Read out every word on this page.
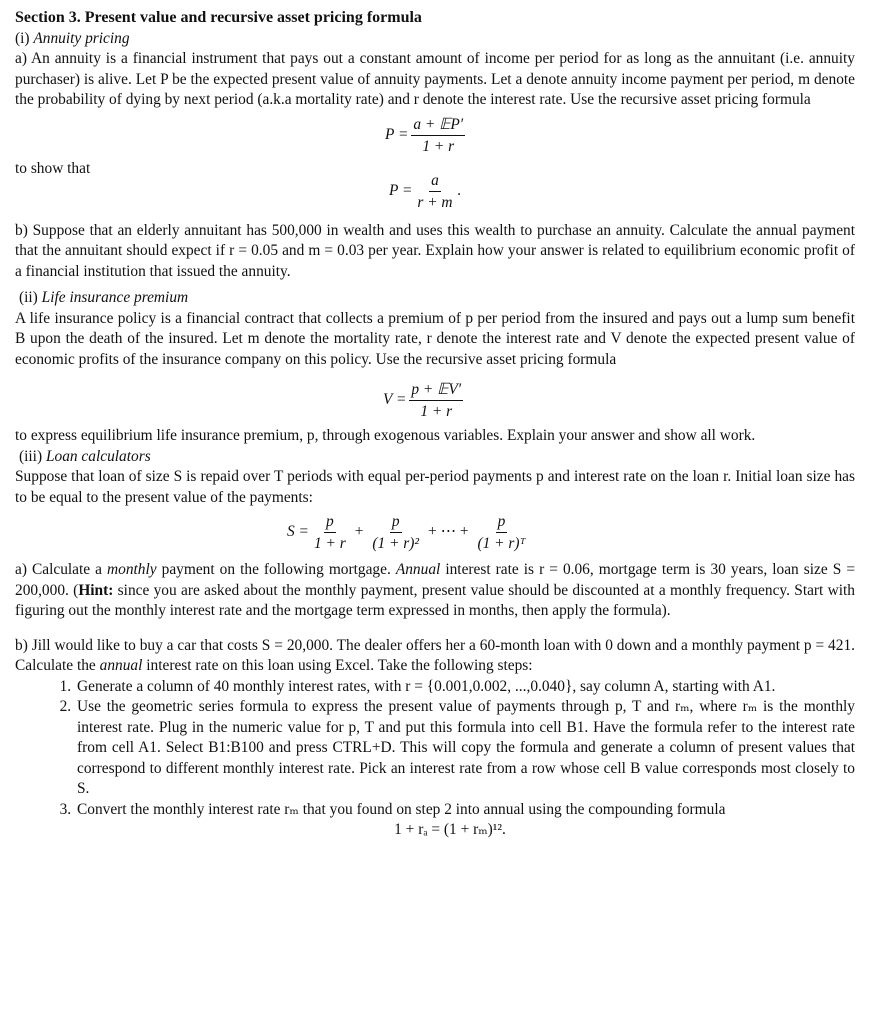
Section 3. Present value and recursive asset pricing formula

(i) Annuity pricing

a) An annuity is a financial instrument that pays out a constant amount of income per period for as long as the annuitant (i.e. annuity purchaser) is alive. Let P be the expected present value of annuity payments. Let a denote annuity income payment per period, m denote the probability of dying by next period (a.k.a mortality rate) and r denote the interest rate. Use the recursive asset pricing formula

$P = \frac{\text{a + 𝔼P′}}{1 + r}$
to show that
$P = \frac{a}{r + m}$ .

b) Suppose that an elderly annuitant has 500,000 in wealth and uses this wealth to purchase an annuity. Calculate the annual payment that the annuitant should expect if r = 0.05 and m = 0.03 per year. Explain how your answer is related to equilibrium economic profit of a financial institution that issued the annuity.

(ii) Life insurance premium

A life insurance policy is a financial contract that collects a premium of p per period from the insured and pays out a lump sum benefit B upon the death of the insured. Let m denote the mortality rate, r denote the interest rate and V denote the expected present value of economic profits of the insurance company on this policy. Use the recursive asset pricing formula

$V = \frac{\text{p + 𝔼V′}}{1 + r}$

to express equilibrium life insurance premium, p, through exogenous variables. Explain your answer and show all work.

(iii) Loan calculators

Suppose that loan of size S is repaid over T periods with equal per-period payments p and interest rate on the loan r. Initial loan size has to be equal to the present value of the payments:

$S = \frac{p}{1 + r} + \frac{p}{\text{(1 + r)²}}$ + ⋯ + $\frac{p}{\text{(1 + r)ᵀ}}$

a) Calculate a monthly payment on the following mortgage. Annual interest rate is r = 0.06, mortgage term is 30 years, loan size S = 200,000. (Hint: since you are asked about the monthly payment, present value should be discounted at a monthly frequency. Start with figuring out the monthly interest rate and the mortgage term expressed in months, then apply the formula).

b) Jill would like to buy a car that costs S = 20,000. The dealer offers her a 60-month loan with 0 down and a monthly payment p = 421. Calculate the annual interest rate on this loan using Excel. Take the following steps:

1. Generate a column of 40 monthly interest rates, with r = {0.001,0.002, ...,0.040}, say column A, starting with A1.
2. Use the geometric series formula to express the present value of payments through p, T and rₘ, where rₘ is the monthly interest rate. Plug in the numeric value for p, T and put this formula into cell B1. Have the formula refer to the interest rate from cell A1. Select B1:B100 and press CTRL+D. This will copy the formula and generate a column of present values that correspond to different monthly interest rate. Pick an interest rate from a row whose cell B value corresponds most closely to S.
3. Convert the monthly interest rate rₘ that you found on step 2 into annual using the compounding formula

1 + rₐ = (1 + rₘ)¹².
